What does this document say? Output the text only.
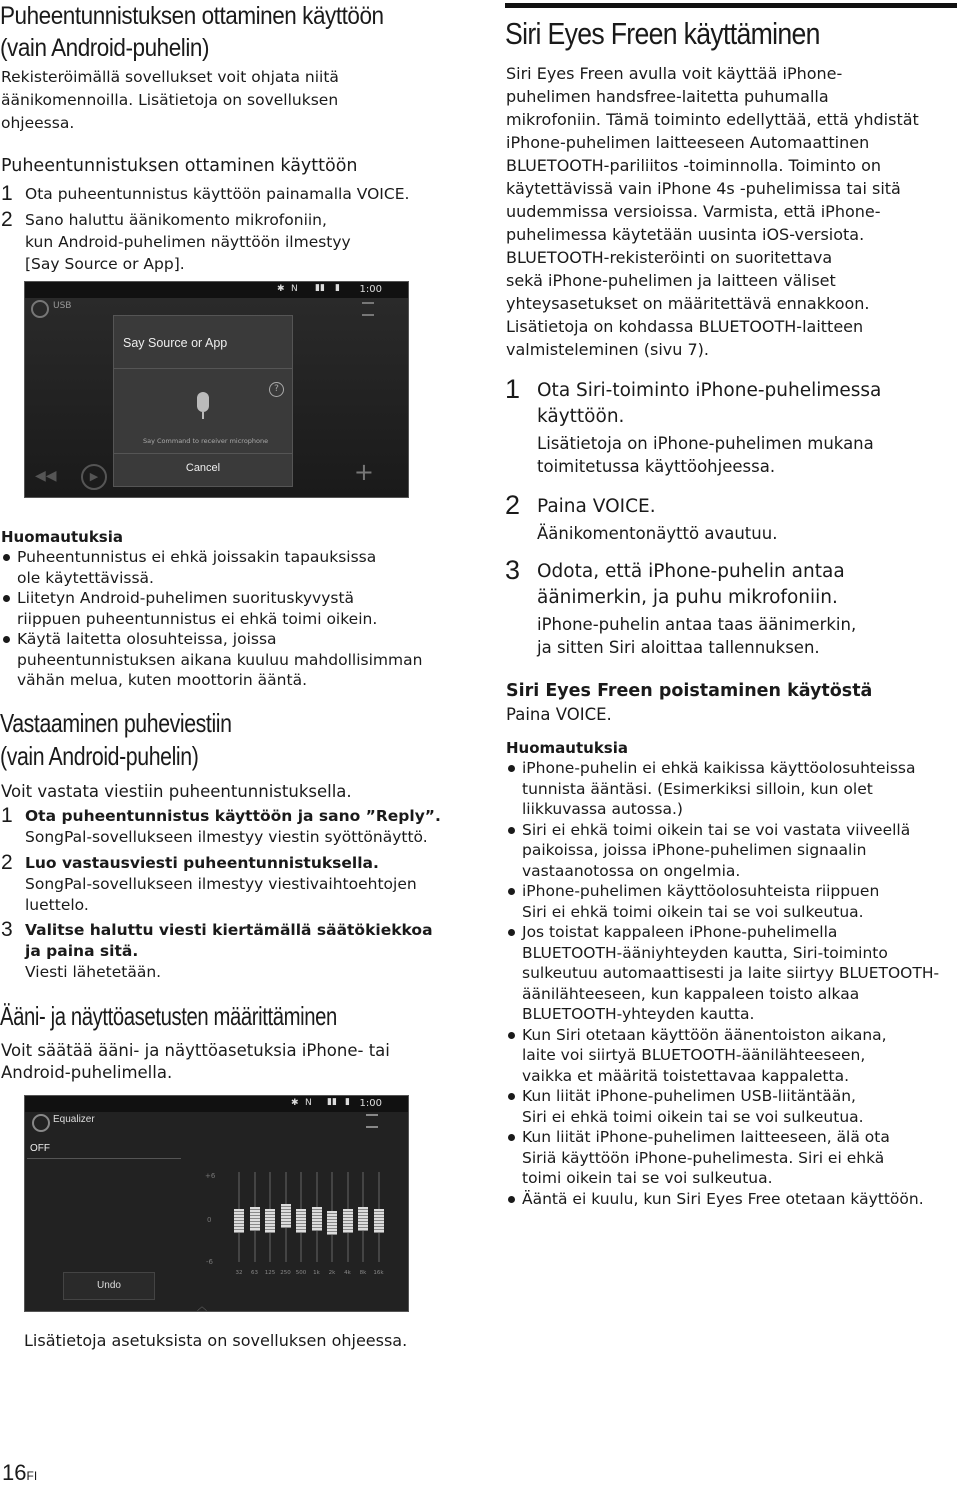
Puheentunnistuksen ottaminen käyttöön
(vain Android-puhelin)
Rekisteröimällä sovellukset voit ohjata niitä
äänikomennoilla. Lisätietoja on sovelluksen
ohjeessa.
Puheentunnistuksen ottaminen käyttöön
1 Ota puheentunnistus käyttöön painamalla VOICE.
2 Sano haluttu äänikomento mikrofoniin,
kun Android-puhelimen näyttöön ilmestyy
[Say Source or App].
✱ N ▮▮ ▮ 1:00
USB
◀◀	▶
Say Source or App
?
Say Command to receiver microphone
Cancel	+
Huomautuksia
Puheentunnistus ei ehkä joissakin tapauksissa
ole käytettävissä.
Liitetyn Android-puhelimen suorituskyvystä
riippuen puheentunnistus ei ehkä toimi oikein.
Käytä laitetta olosuhteissa, joissa
puheentunnistuksen aikana kuuluu mahdollisimman
vähän melua, kuten moottorin ääntä.
Vastaaminen puheviestiin
(vain Android-puhelin)
Voit vastata viestiin puheentunnistuksella.
1 Ota puheentunnistus käyttöön ja sano ”Reply”.
SongPal-sovellukseen ilmestyy viestin syöttönäyttö.
2 Luo vastausviesti puheentunnistuksella.
SongPal-sovellukseen ilmestyy viestivaihtoehtojen
luettelo.
3 Valitse haluttu viesti kiertämällä säätökiekkoa
ja paina sitä.
Viesti lähetetään.
Ääni- ja näyttöasetusten määrittäminen
Voit säätää ääni- ja näyttöasetuksia iPhone- tai
Android-puhelimella.
✱ N ▮▮ ▮ 1:00
Equalizer
OFF
Undo
︿
+6
0
-6
32	63	125 250 500	1k	2k	4k	8k	16k
Lisätietoja asetuksista on sovelluksen ohjeessa.
Siri Eyes Freen käyttäminen
Siri Eyes Freen avulla voit käyttää iPhone-
puhelimen handsfree-laitetta puhumalla
mikrofoniin. Tämä toiminto edellyttää, että yhdistät
iPhone-puhelimen laitteeseen Automaattinen
BLUETOOTH-pariliitos -toiminnolla. Toiminto on
käytettävissä vain iPhone 4s -puhelimissa tai sitä
uudemmissa versioissa. Varmista, että iPhone-
puhelimessa käytetään uusinta iOS-versiota.
BLUETOOTH-rekisteröinti on suoritettava
sekä iPhone-puhelimen ja laitteen väliset
yhteysasetukset on määritettävä ennakkoon.
Lisätietoja on kohdassa BLUETOOTH-laitteen
valmisteleminen (sivu 7).
1 Ota Siri-toiminto iPhone-puhelimessa
käyttöön.
Lisätietoja on iPhone-puhelimen mukana
toimitetussa käyttöohjeessa.
2 Paina VOICE.
Äänikomentonäyttö avautuu.
3 Odota, että iPhone-puhelin antaa
äänimerkin, ja puhu mikrofoniin.
iPhone-puhelin antaa taas äänimerkin,
ja sitten Siri aloittaa tallennuksen.
Siri Eyes Freen poistaminen käytöstä
Paina VOICE.
Huomautuksia
iPhone-puhelin ei ehkä kaikissa käyttöolosuhteissa
tunnista ääntäsi. (Esimerkiksi silloin, kun olet
liikkuvassa autossa.)
Siri ei ehkä toimi oikein tai se voi vastata viiveellä
paikoissa, joissa iPhone-puhelimen signaalin
vastaanotossa on ongelmia.
iPhone-puhelimen käyttöolosuhteista riippuen
Siri ei ehkä toimi oikein tai se voi sulkeutua.
Jos toistat kappaleen iPhone-puhelimella
BLUETOOTH-ääniyhteyden kautta, Siri-toiminto
sulkeutuu automaattisesti ja laite siirtyy BLUETOOTH-
äänilähteeseen, kun kappaleen toisto alkaa
BLUETOOTH-yhteyden kautta.
Kun Siri otetaan käyttöön äänentoiston aikana,
laite voi siirtyä BLUETOOTH-äänilähteeseen,
vaikka et määritä toistettavaa kappaletta.
Kun liität iPhone-puhelimen USB-liitäntään,
Siri ei ehkä toimi oikein tai se voi sulkeutua.
Kun liität iPhone-puhelimen laitteeseen, älä ota
Siriä käyttöön iPhone-puhelimesta. Siri ei ehkä
toimi oikein tai se voi sulkeutua.
Ääntä ei kuulu, kun Siri Eyes Free otetaan käyttöön.
16FI
